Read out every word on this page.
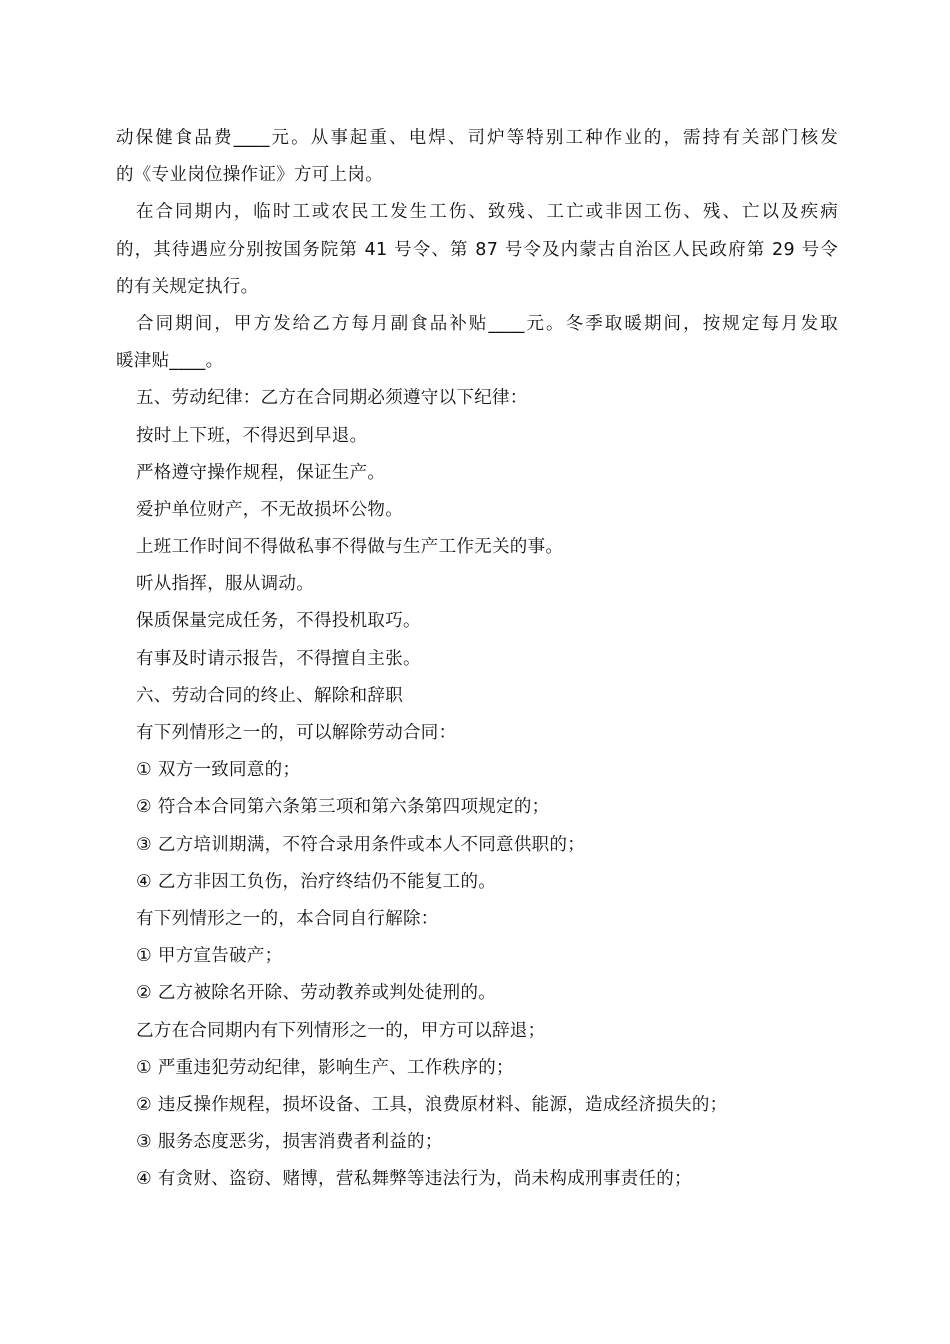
动保健食品费____元。从事起重、电焊、司炉等特别工种作业的，需持有关部门核发
的《专业岗位操作证》方可上岗。
在合同期内，临时工或农民工发生工伤、致残、工亡或非因工伤、残、亡以及疾病
的，其待遇应分别按国务院第 41 号令、第 87 号令及内蒙古自治区人民政府第 29 号令
的有关规定执行。
合同期间，甲方发给乙方每月副食品补贴____元。冬季取暖期间，按规定每月发取
暖津贴____。
五、劳动纪律：乙方在合同期必须遵守以下纪律：
按时上下班，不得迟到早退。
严格遵守操作规程，保证生产。
爱护单位财产，不无故损坏公物。
上班工作时间不得做私事不得做与生产工作无关的事。
听从指挥，服从调动。
保质保量完成任务，不得投机取巧。
有事及时请示报告，不得擅自主张。
六、劳动合同的终止、解除和辞职
有下列情形之一的，可以解除劳动合同：
① 双方一致同意的；
② 符合本合同第六条第三项和第六条第四项规定的；
③ 乙方培训期满，不符合录用条件或本人不同意供职的；
④ 乙方非因工负伤，治疗终结仍不能复工的。
有下列情形之一的，本合同自行解除：
① 甲方宣告破产；
② 乙方被除名开除、劳动教养或判处徒刑的。
乙方在合同期内有下列情形之一的，甲方可以辞退；
① 严重违犯劳动纪律，影响生产、工作秩序的；
② 违反操作规程，损坏设备、工具，浪费原材料、能源，造成经济损失的；
③ 服务态度恶劣，损害消费者利益的；
④ 有贪财、盗窃、赌博，营私舞弊等违法行为，尚未构成刑事责任的；
